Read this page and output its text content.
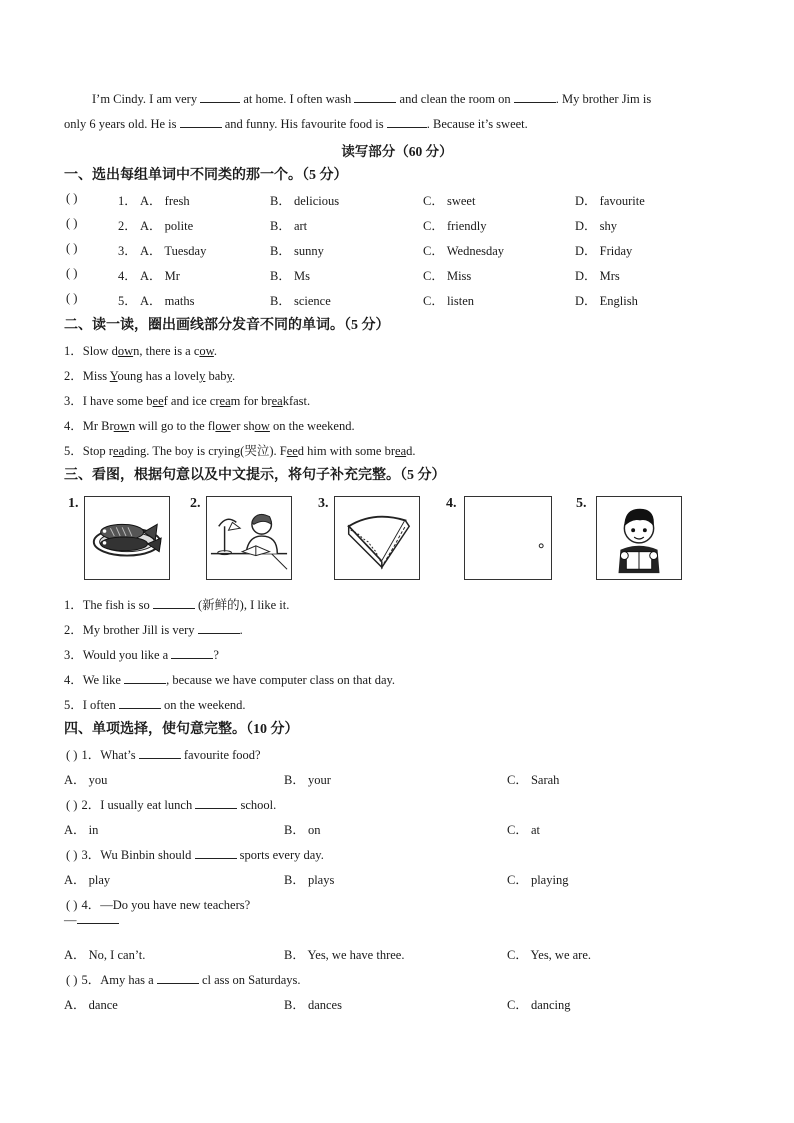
I’m Cindy. I am very	at home. I often wash	and clean the room on	. My brother Jim is
only 6 years old. He is	and funny. His favourite food is	. Because it’s sweet.
读写部分（60 分）
一、选出每组单词中不同类的那一个。（5 分）
( )	1． A． fresh	B． delicious	C． sweet	D． favourite
( )	2． A． polite	B． art	C． friendly	D． shy
( )	3． A． Tuesday	B． sunny	C． Wednesday	D． Friday
( )	4． A． Mr	B． Ms	C． Miss	D． Mrs
( )	5． A． maths	B． science	C． listen	D． English
二、读一读，圈出画线部分发音不同的单词。（5 分）
1．Slow down, there is a cow.
2．Miss Young has a lovely baby.
3．I have some beef and ice cream for breakfast.
4．Mr Brown will go to the flower show on the weekend.
5．Stop reading. The boy is crying(哭泣). Feed him with some bread.
三、看图，根据句意以及中文提示，将句子补充完整。（5 分）
1.	2.	3.	4.	5.
1．The fish is so	(新鲜的), I like it.
2．My brother Jill is very	.
3．Would you like a	?
4．We like	, because we have computer class on that day.
5．I often	on the weekend.
四、单项选择，使句意完整。（10 分）
( ) 1．What’s	favourite food?
A． you	B． your	C． Sarah
( ) 2．I usually eat lunch	school.
A． in	B． on	C． at
( ) 3．Wu Binbin should	sports every day.
A． play	B． plays	C． playing
( ) 4．—Do you have new teachers?
—
A． No, I can’t.	B． Yes, we have three.	C． Yes, we are.
( ) 5．Amy has a	cl ass on Saturdays.
A． dance	B． dances	C． dancing
